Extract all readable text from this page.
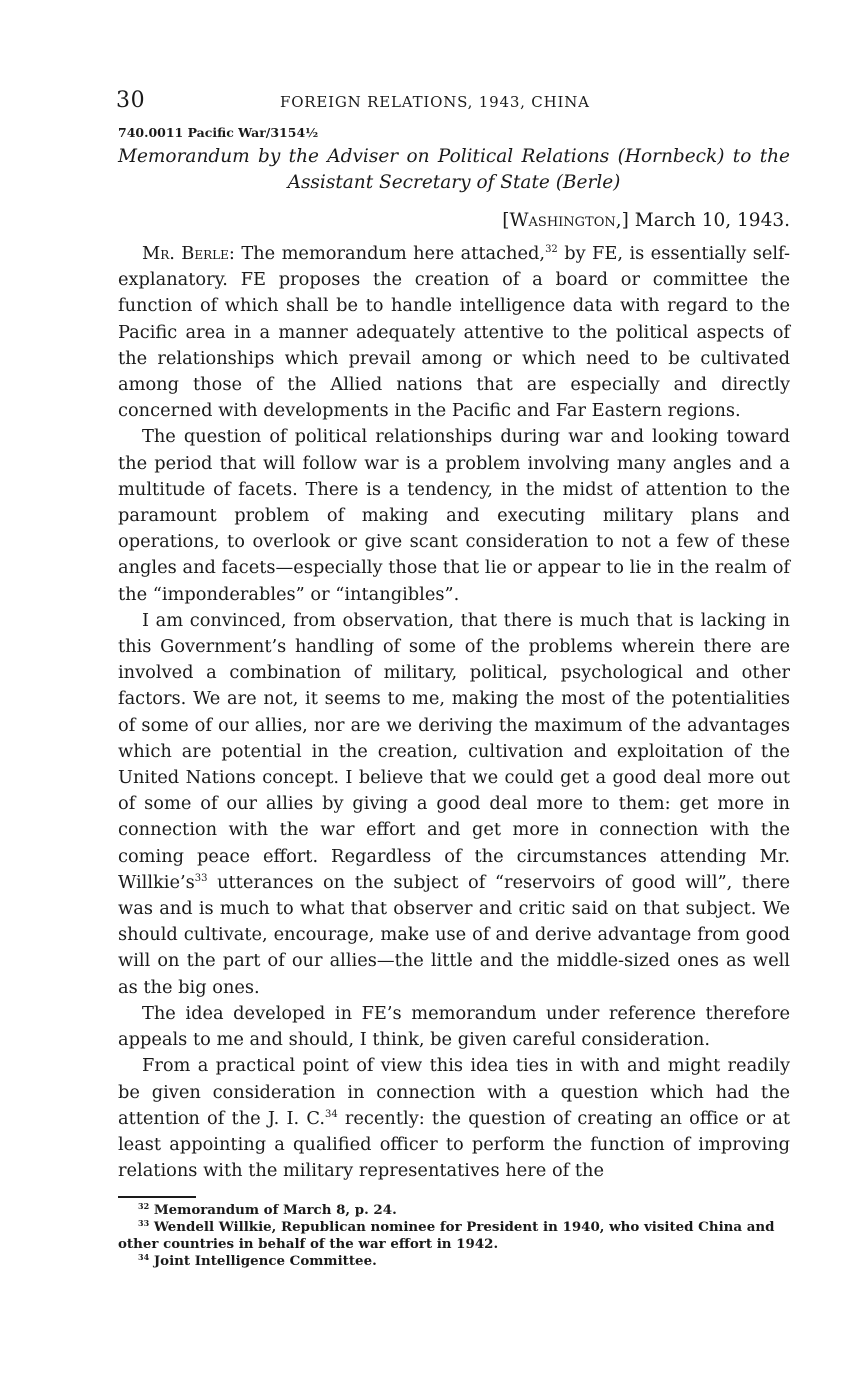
30	FOREIGN RELATIONS, 1943, CHINA
740.0011 Pacific War/3154½
Memorandum by the Adviser on Political Relations (Hornbeck) to the Assistant Secretary of State (Berle)
[Washington,] March 10, 1943.

Mr. Berle: The memorandum here attached,$^{32}$ by FE, is essentially self-explanatory. FE proposes the creation of a board or committee the function of which shall be to handle intelligence data with regard to the Pacific area in a manner adequately attentive to the political aspects of the relationships which prevail among or which need to be cultivated among those of the Allied nations that are especially and directly concerned with developments in the Pacific and Far Eastern regions.

The question of political relationships during war and looking toward the period that will follow war is a problem involving many angles and a multitude of facets. There is a tendency, in the midst of attention to the paramount problem of making and executing military plans and operations, to overlook or give scant consideration to not a few of these angles and facets—especially those that lie or appear to lie in the realm of the “imponderables” or “intangibles”.

I am convinced, from observation, that there is much that is lacking in this Government’s handling of some of the problems wherein there are involved a combination of military, political, psychological and other factors. We are not, it seems to me, making the most of the potentialities of some of our allies, nor are we deriving the maximum of the advantages which are potential in the creation, cultivation and exploitation of the United Nations concept. I believe that we could get a good deal more out of some of our allies by giving a good deal more to them: get more in connection with the war effort and get more in connection with the coming peace effort. Regardless of the circumstances attending Mr. $Willkie’s^{33}$ utterances on the subject of “reservoirs of good will”, there was and is much to what that observer and critic said on that subject. We should cultivate, encourage, make use of and derive advantage from good will on the part of our allies—the little and the middle-sized ones as well as the big ones.

The idea developed in FE’s memorandum under reference therefore appeals to me and should, I think, be given careful consideration.

From a practical point of view this idea ties in with and might readily be given consideration in connection with a question which had the attention of the J. I. C.$^{34}$ recently: the question of creating an office or at least appointing a qualified officer to perform the function of improving relations with the military representatives here of the

$^{32}$ Memorandum of March 8, p. 24.

$^{33}$ Wendell Willkie, Republican nominee for President in 1940, who visited China and other countries in behalf of the war effort in 1942.

$^{34}$ Joint Intelligence Committee.
